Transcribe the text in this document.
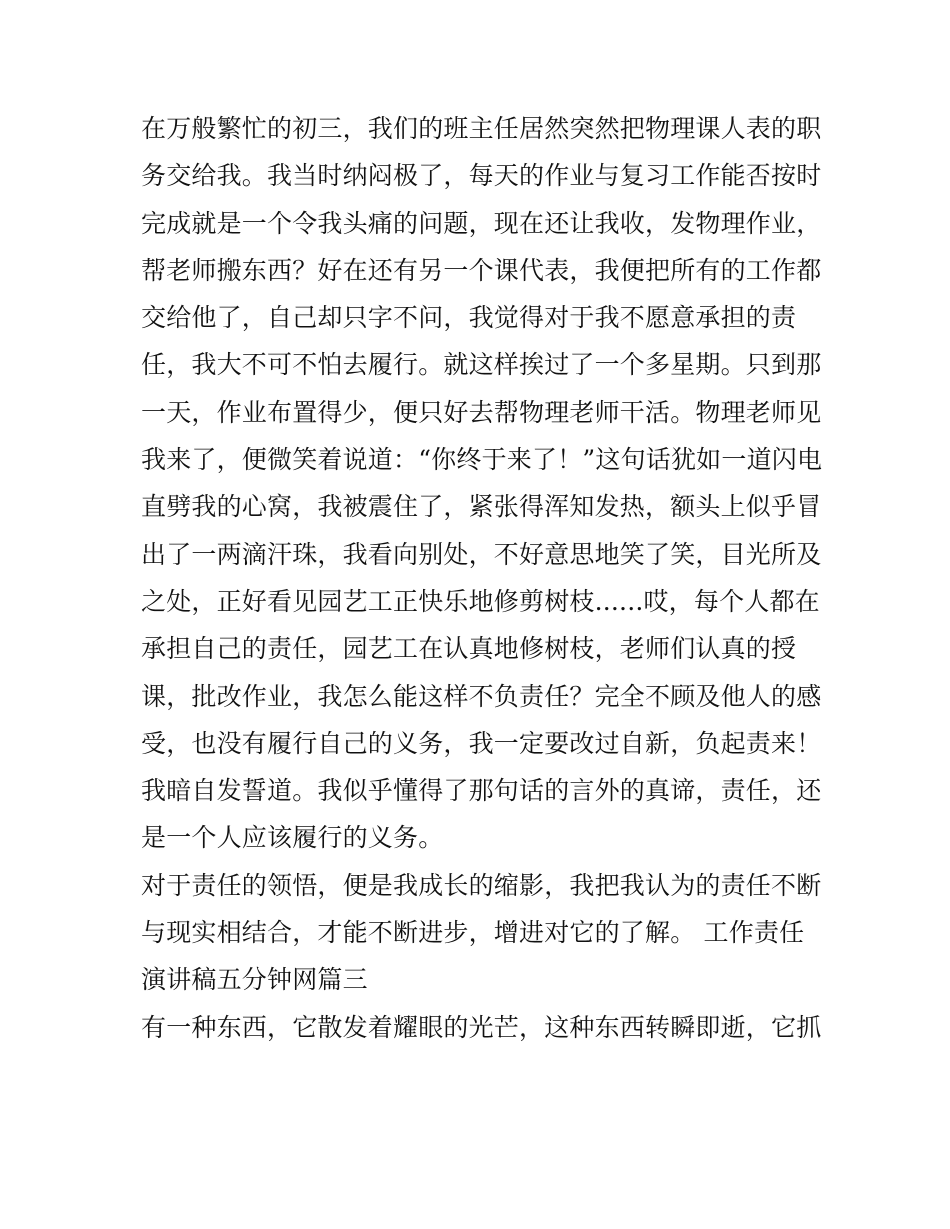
在万般繁忙的初三，我们的班主任居然突然把物理课人表的职

务交给我。我当时纳闷极了，每天的作业与复习工作能否按时

完成就是一个令我头痛的问题，现在还让我收，发物理作业，

帮老师搬东西？好在还有另一个课代表，我便把所有的工作都

交给他了，自己却只字不问，我觉得对于我不愿意承担的责

任，我大不可不怕去履行。就这样挨过了一个多星期。只到那

一天，作业布置得少，便只好去帮物理老师干活。物理老师见

我来了，便微笑着说道：“你终于来了！”这句话犹如一道闪电

直劈我的心窝，我被震住了，紧张得浑知发热，额头上似乎冒

出了一两滴汗珠，我看向别处，不好意思地笑了笑，目光所及

之处，正好看见园艺工正快乐地修剪树枝......哎，每个人都在

承担自己的责任，园艺工在认真地修树枝，老师们认真的授

课，批改作业，我怎么能这样不负责任？完全不顾及他人的感

受，也没有履行自己的义务，我一定要改过自新，负起责来！

我暗自发誓道。我似乎懂得了那句话的言外的真谛，责任，还

是一个人应该履行的义务。

对于责任的领悟，便是我成长的缩影，我把我认为的责任不断

与现实相结合，才能不断进步，增进对它的了解。 工作责任

演讲稿五分钟网篇三

有一种东西，它散发着耀眼的光芒，这种东西转瞬即逝，它抓
